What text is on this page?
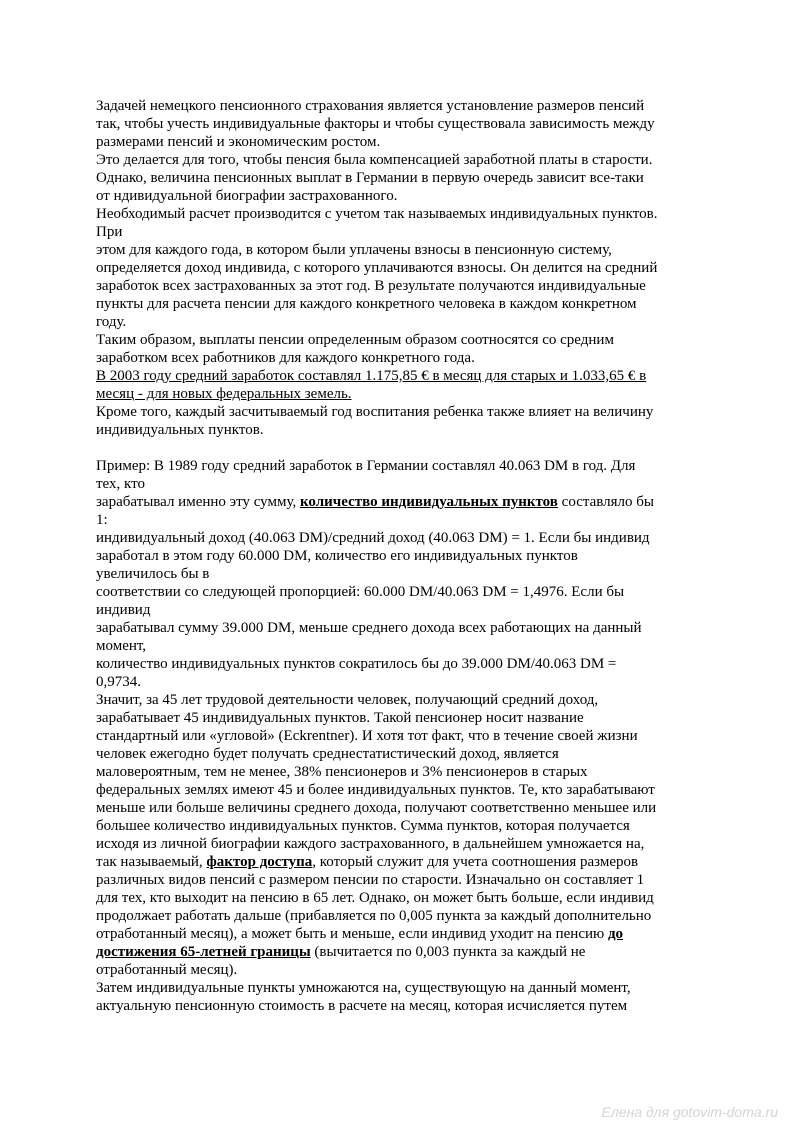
Задачей немецкого пенсионного страхования является установление размеров пенсий
так, чтобы учесть индивидуальные факторы и чтобы существовала зависимость между
размерами пенсий и экономическим ростом.
Это делается для того, чтобы пенсия была компенсацией заработной платы в старости.
Однако, величина пенсионных выплат в Германии в первую очередь зависит все-таки
от ндивидуальной биографии застрахованного.
Необходимый расчет производится с учетом так называемых индивидуальных пунктов.
При
этом для каждого года, в котором были уплачены взносы в пенсионную систему,
определяется доход индивида, с которого уплачиваются взносы. Он делится на средний
заработок всех застрахованных за этот год. В результате получаются индивидуальные
пункты для расчета пенсии для каждого конкретного человека в каждом конкретном
году.
Таким образом, выплаты пенсии определенным образом соотносятся со средним
заработком всех работников для каждого конкретного года.
В 2003 году средний заработок составлял 1.175,85 € в месяц для старых и 1.033,65 € в
месяц - для новых федеральных земель.
Кроме того, каждый засчитываемый год воспитания ребенка также влияет на величину
индивидуальных пунктов.
Пример: В 1989 году средний заработок в Германии составлял 40.063 DM в год. Для
тех, кто
зарабатывал именно эту сумму, количество индивидуальных пунктов составляло бы
1:
индивидуальный доход (40.063 DM)/средний доход (40.063 DM) = 1. Если бы индивид
заработал в этом году 60.000 DM, количество его индивидуальных пунктов
увеличилось бы в
соответствии со следующей пропорцией: 60.000 DM/40.063 DM = 1,4976. Если бы
индивид
зарабатывал сумму 39.000 DM, меньше среднего дохода всех работающих на данный
момент,
количество индивидуальных пунктов сократилось бы до 39.000 DM/40.063 DM =
0,9734.
Значит, за 45 лет трудовой деятельности человек, получающий средний доход,
зарабатывает 45 индивидуальных пунктов. Такой пенсионер носит название
стандартный или «угловой» (Eckrentner). И хотя тот факт, что в течение своей жизни
человек ежегодно будет получать среднестатистический доход, является
маловероятным, тем не менее, 38% пенсионеров и 3% пенсионеров в старых
федеральных землях имеют 45 и более индивидуальных пунктов. Те, кто зарабатывают
меньше или больше величины среднего дохода, получают соответственно меньшее или
большее количество индивидуальных пунктов. Сумма пунктов, которая получается
исходя из личной биографии каждого застрахованного, в дальнейшем умножается на,
так называемый, фактор доступа, который служит для учета соотношения размеров
различных видов пенсий с размером пенсии по старости. Изначально он составляет 1
для тех, кто выходит на пенсию в 65 лет. Однако, он может быть больше, если индивид
продолжает работать дальше (прибавляется по 0,005 пункта за каждый дополнительно
отработанный месяц), а может быть и меньше, если индивид уходит на пенсию до
достижения 65-летней границы (вычитается по 0,003 пункта за каждый не
отработанный месяц).
Затем индивидуальные пункты умножаются на, существующую на данный момент,
актуальную пенсионную стоимость в расчете на месяц, которая исчисляется путем
Елена для gotovim-doma.ru
